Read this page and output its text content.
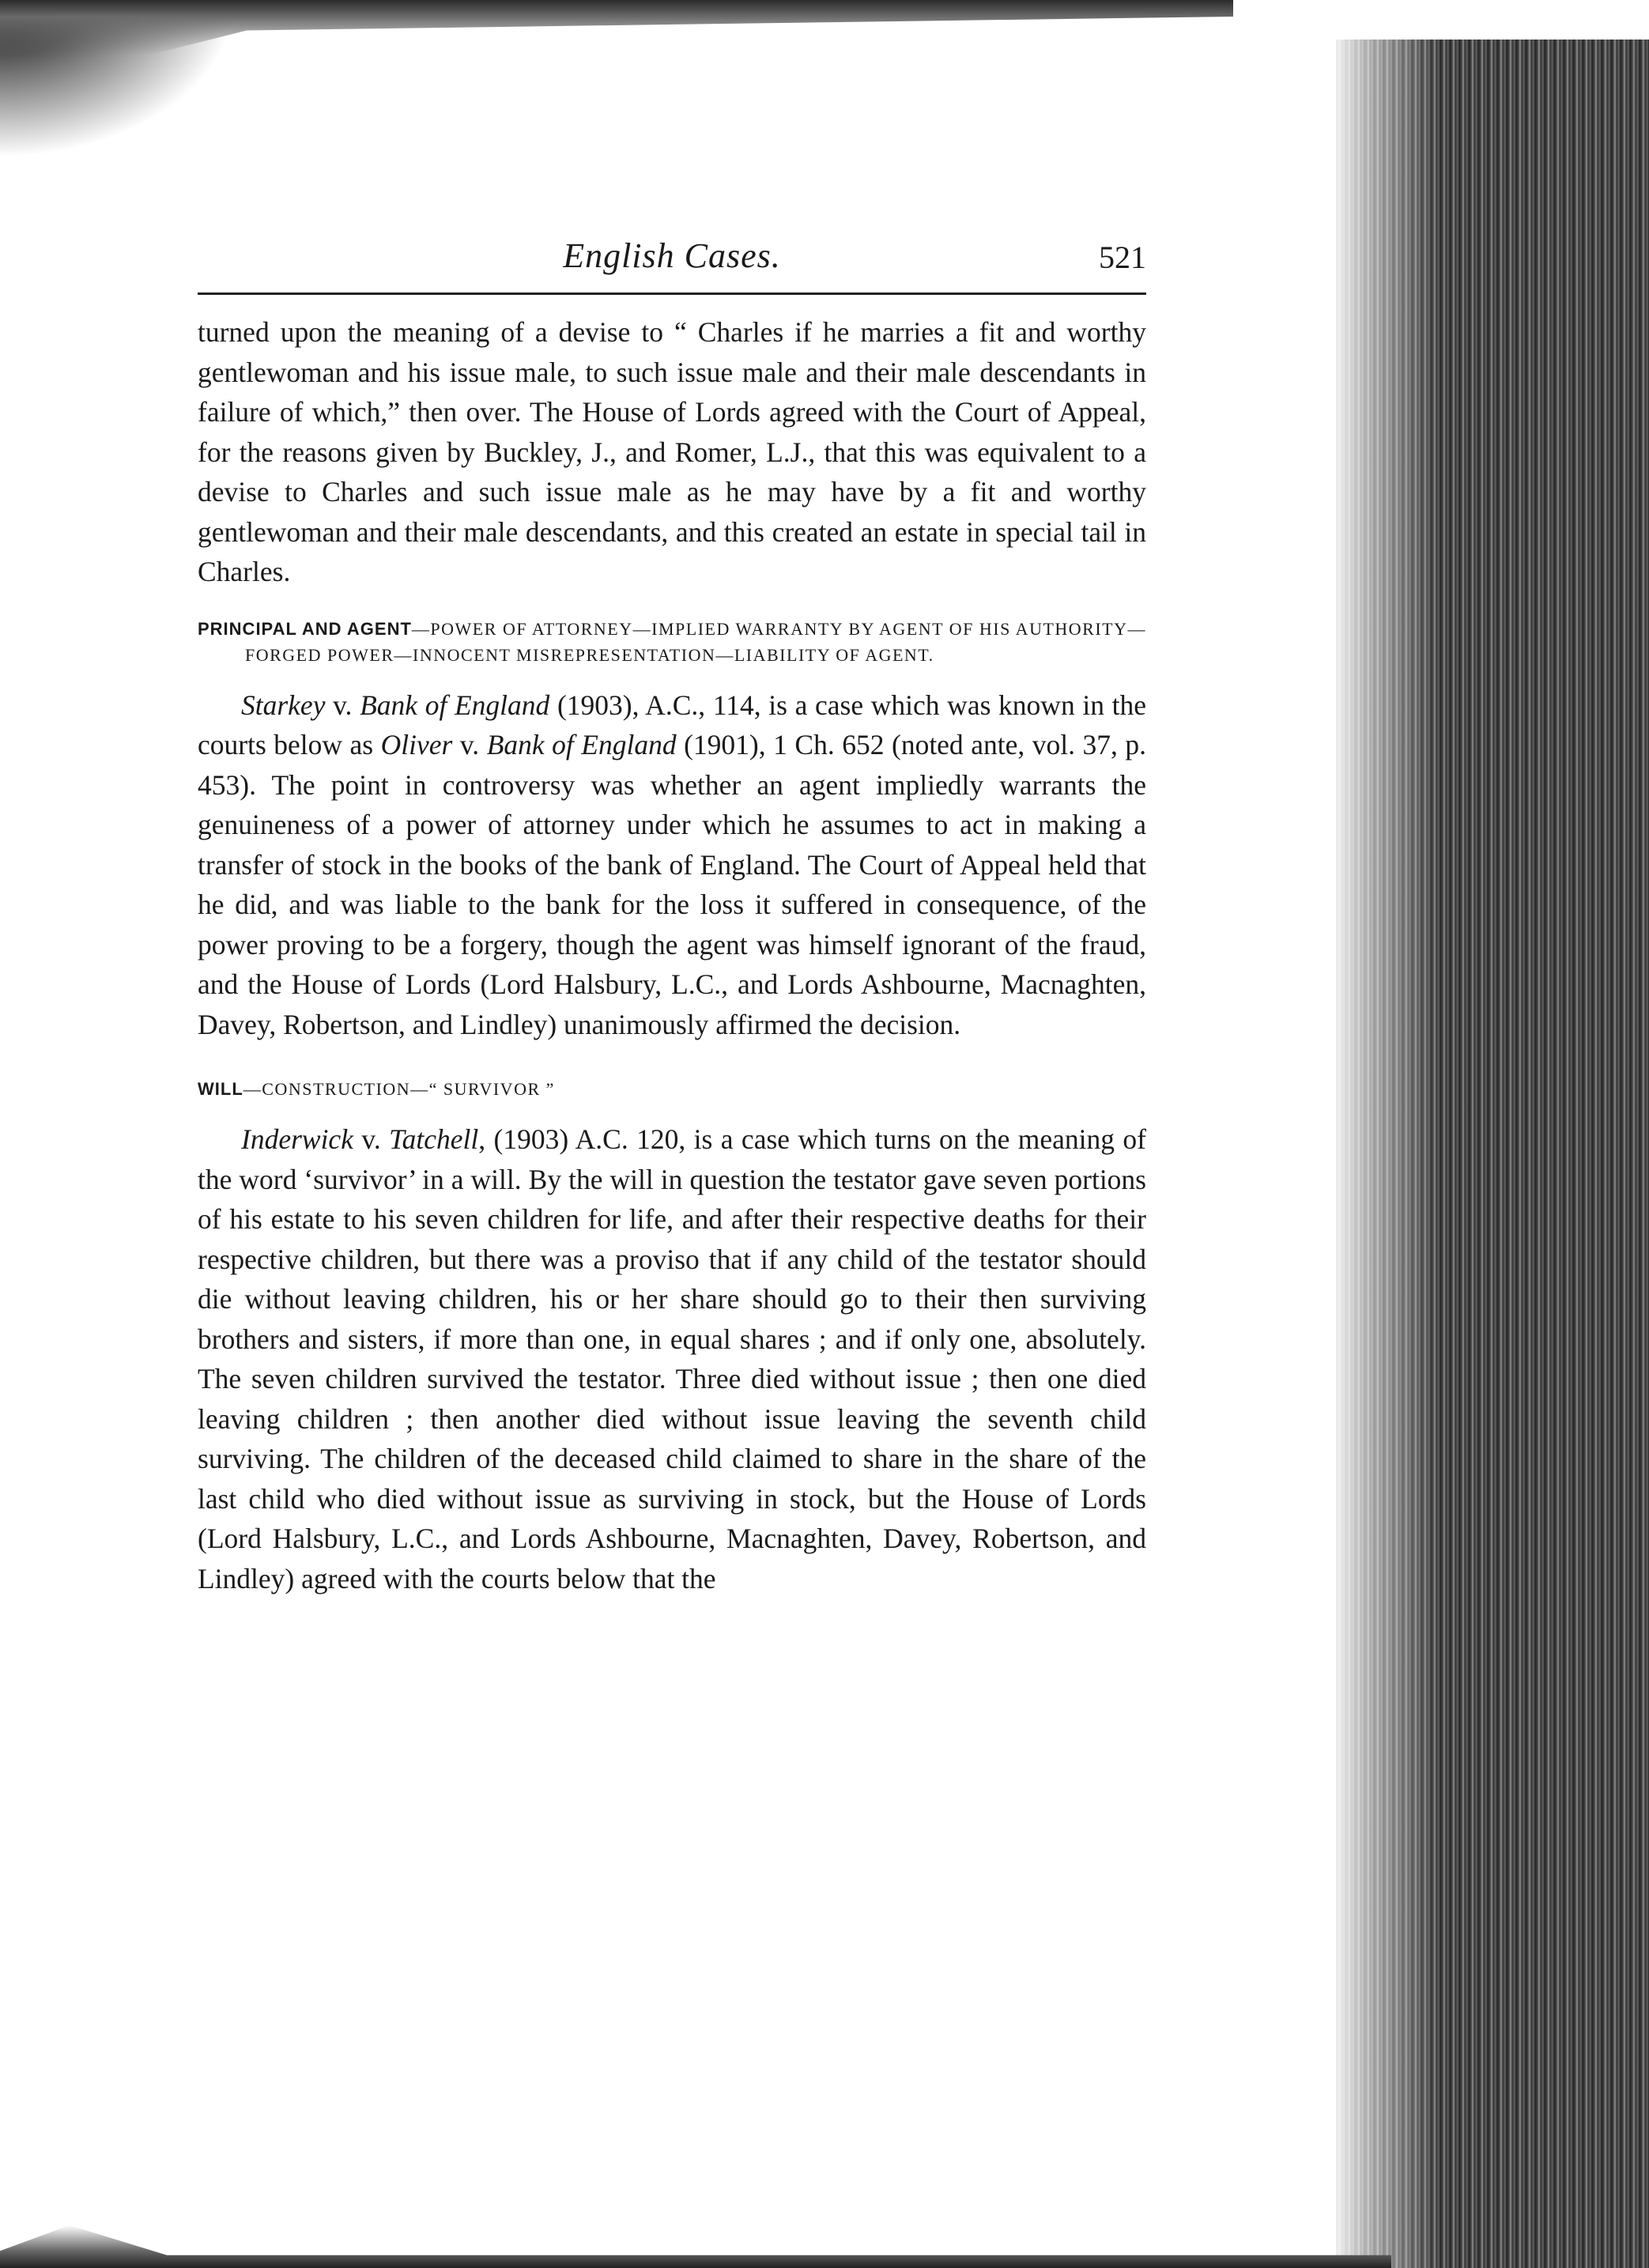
English Cases.	521

turned upon the meaning of a devise to “ Charles if he marries a fit and worthy gentlewoman and his issue male, to such issue male and their male descendants in failure of which,” then over. The House of Lords agreed with the Court of Appeal, for the reasons given by Buckley, J., and Romer, L.J., that this was equivalent to a devise to Charles and such issue male as he may have by a fit and worthy gentlewoman and their male descendants, and this created an estate in special tail in Charles.

PRINCIPAL AND AGENT—POWER OF ATTORNEY—IMPLIED WARRANTY BY AGENT OF HIS AUTHORITY—FORGED POWER—INNOCENT MISREPRESENTATION—LIABILITY OF AGENT.

Starkey v. Bank of England (1903), A.C., 114, is a case which was known in the courts below as Oliver v. Bank of England (1901), 1 Ch. 652 (noted ante, vol. 37, p. 453). The point in controversy was whether an agent impliedly warrants the genuineness of a power of attorney under which he assumes to act in making a transfer of stock in the books of the bank of England. The Court of Appeal held that he did, and was liable to the bank for the loss it suffered in consequence, of the power proving to be a forgery, though the agent was himself ignorant of the fraud, and the House of Lords (Lord Halsbury, L.C., and Lords Ashbourne, Macnaghten, Davey, Robertson, and Lindley) unanimously affirmed the decision.

WILL—CONSTRUCTION—“ SURVIVOR ”

Inderwick v. Tatchell, (1903) A.C. 120, is a case which turns on the meaning of the word ‘survivor’ in a will. By the will in question the testator gave seven portions of his estate to his seven children for life, and after their respective deaths for their respective children, but there was a proviso that if any child of the testator should die without leaving children, his or her share should go to their then surviving brothers and sisters, if more than one, in equal shares ; and if only one, absolutely. The seven children survived the testator. Three died without issue ; then one died leaving children ; then another died without issue leaving the seventh child surviving. The children of the deceased child claimed to share in the share of the last child who died without issue as surviving in stock, but the House of Lords (Lord Halsbury, L.C., and Lords Ashbourne, Macnaghten, Davey, Robertson, and Lindley) agreed with the courts below that the
